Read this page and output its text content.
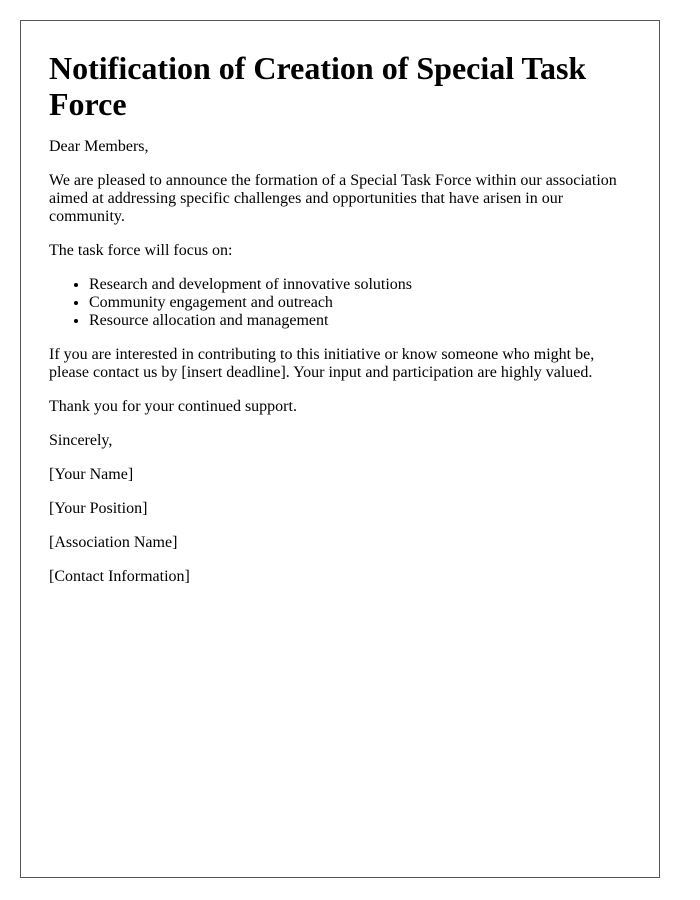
Notification of Creation of Special Task Force

Dear Members,

We are pleased to announce the formation of a Special Task Force within our association aimed at addressing specific challenges and opportunities that have arisen in our community.

The task force will focus on:

• Research and development of innovative solutions
• Community engagement and outreach
• Resource allocation and management

If you are interested in contributing to this initiative or know someone who might be, please contact us by [insert deadline]. Your input and participation are highly valued.

Thank you for your continued support.

Sincerely,

[Your Name]

[Your Position]

[Association Name]

[Contact Information]
